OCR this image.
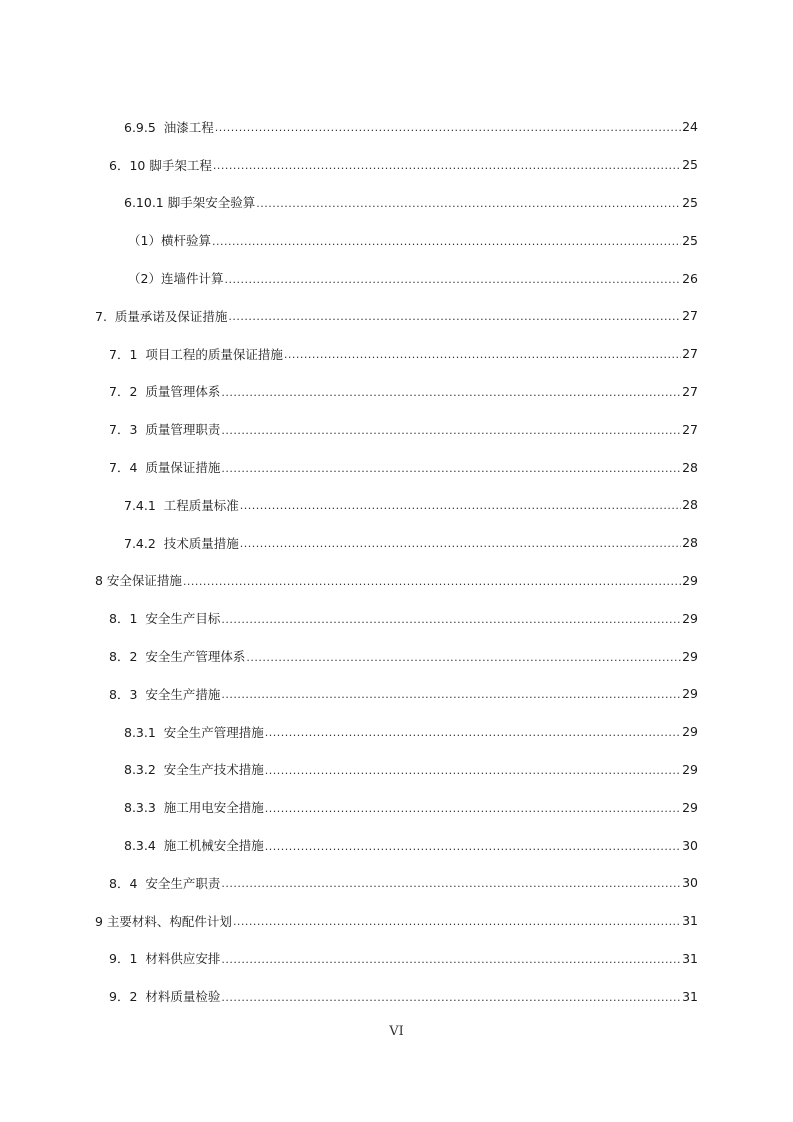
6.9.5  油漆工程 .....	24
6．10 脚手架工程 .....	25
6.10.1 脚手架安全验算 .....	25
（1）横杆验算 .....	25
（2）连墙件计算 .....	26
7.  质量承诺及保证措施 .....	27
7．1  项目工程的质量保证措施 .....	27
7．2  质量管理体系 .....	27
7．3  质量管理职责 .....	27
7．4  质量保证措施 .....	28
7.4.1  工程质量标准 .....	28
7.4.2  技术质量措施 .....	28
8 安全保证措施 .....	29
8．1  安全生产目标 .....	29
8．2  安全生产管理体系 .....	29
8．3  安全生产措施 .....	29
8.3.1  安全生产管理措施 .....	29
8.3.2  安全生产技术措施 .....	29
8.3.3  施工用电安全措施 .....	29
8.3.4  施工机械安全措施 .....	30
8．4  安全生产职责 .....	30
9 主要材料、构配件计划 .....	31
9．1  材料供应安排 .....	31
9．2  材料质量检验 .....	31
VI
